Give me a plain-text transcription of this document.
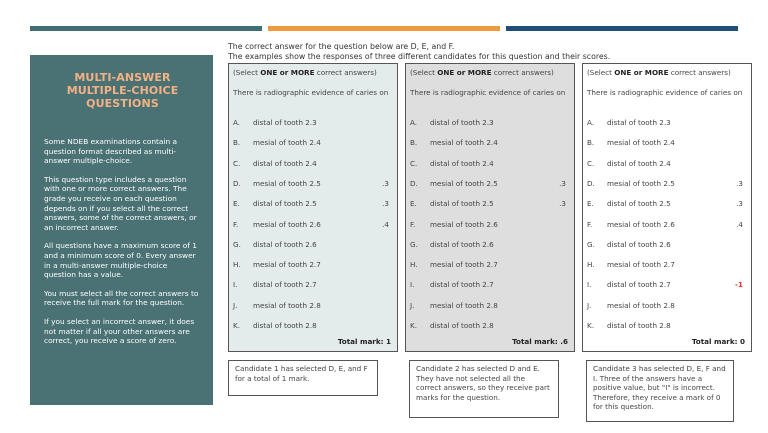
MULTI-ANSWER MULTIPLE-CHOICE QUESTIONS

Some NDEB examinations contain a question format described as multi-answer multiple-choice.

This question type includes a question with one or more correct answers. The grade you receive on each question depends on if you select all the correct answers, some of the correct answers, or an incorrect answer.

All questions have a maximum score of 1 and a minimum score of 0. Every answer in a multi-answer multiple-choice question has a value.

You must select all the correct answers to receive the full mark for the question.

If you select an incorrect answer, it does not matter if all your other answers are correct, you receive a score of zero.

The correct answer for the question below are D, E, and F.
The examples show the responses of three different candidates for this question and their scores.
(Select ONE or MORE correct answers)
There is radiographic evidence of caries on
A. distal of tooth 2.3
B. mesial of tooth 2.4
C. distal of tooth 2.4
D. mesial of tooth 2.5	.3
E. distal of tooth 2.5	.3
F. mesial of tooth 2.6	.4
G. distal of tooth 2.6
H. mesial of tooth 2.7
I. distal of tooth 2.7
J. mesial of tooth 2.8
K. distal of tooth 2.8
Total mark: 1
(Select ONE or MORE correct answers)
There is radiographic evidence of caries on
A. distal of tooth 2.3
B. mesial of tooth 2.4
C. distal of tooth 2.4
D. mesial of tooth 2.5	.3
E. distal of tooth 2.5	.3
F. mesial of tooth 2.6
G. distal of tooth 2.6
H. mesial of tooth 2.7
I. distal of tooth 2.7
J. mesial of tooth 2.8
K. distal of tooth 2.8
Total mark: .6
(Select ONE or MORE correct answers)
There is radiographic evidence of caries on
A. distal of tooth 2.3
B. mesial of tooth 2.4
C. distal of tooth 2.4
D. mesial of tooth 2.5	.3
E. distal of tooth 2.5	.3
F. mesial of tooth 2.6	.4
G. distal of tooth 2.6
H. mesial of tooth 2.7
I. distal of tooth 2.7	-1
J. mesial of tooth 2.8
K. distal of tooth 2.8
Total mark: 0
Candidate 1 has selected D, E, and F for a total of 1 mark.
Candidate 2 has selected D and E. They have not selected all the correct answers, so they receive part marks for the question.
Candidate 3 has selected D, E, F and I. Three of the answers have a positive value, but "I" is incorrect. Therefore, they receive a mark of 0 for this question.
